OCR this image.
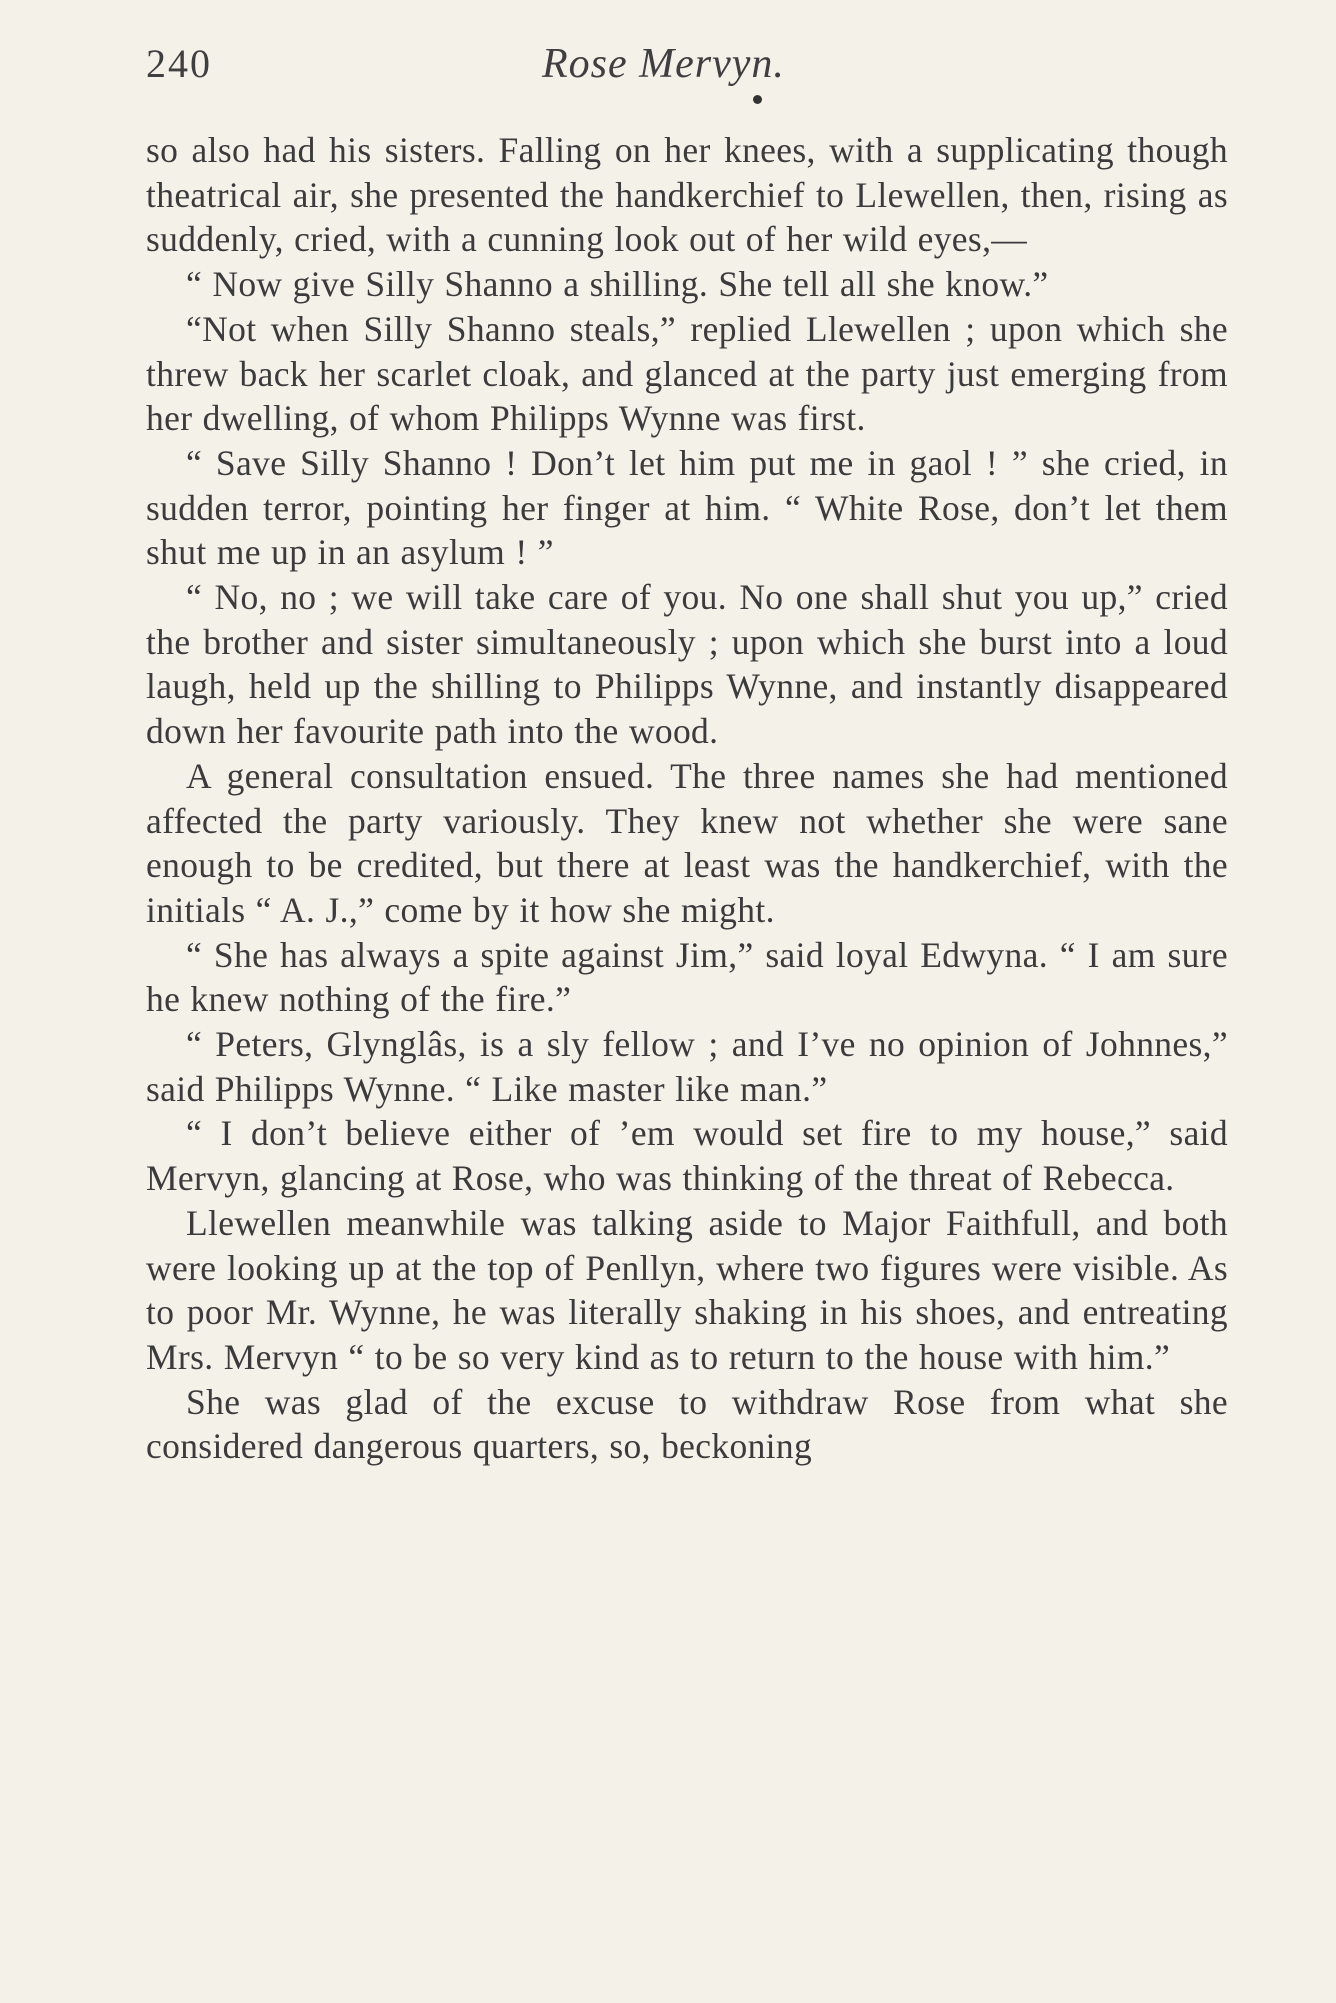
240	Rose Mervyn.

so also had his sisters. Falling on her knees, with a supplicating though theatrical air, she presented the handkerchief to Llewellen, then, rising as suddenly, cried, with a cunning look out of her wild eyes,—

“ Now give Silly Shanno a shilling. She tell all she know.”

“Not when Silly Shanno steals,” replied Llewellen ; upon which she threw back her scarlet cloak, and glanced at the party just emerging from her dwelling, of whom Philipps Wynne was first.

“ Save Silly Shanno ! Don’t let him put me in gaol ! ” she cried, in sudden terror, pointing her finger at him. “ White Rose, don’t let them shut me up in an asylum ! ”

“ No, no ; we will take care of you. No one shall shut you up,” cried the brother and sister simultaneously ; upon which she burst into a loud laugh, held up the shilling to Philipps Wynne, and instantly disappeared down her favourite path into the wood.

A general consultation ensued. The three names she had mentioned affected the party variously. They knew not whether she were sane enough to be credited, but there at least was the handkerchief, with the initials “ A. J.,” come by it how she might.

“ She has always a spite against Jim,” said loyal Edwyna. “ I am sure he knew nothing of the fire.”

“ Peters, Glynglâs, is a sly fellow ; and I’ve no opinion of Johnnes,” said Philipps Wynne. “ Like master like man.”

“ I don’t believe either of ’em would set fire to my house,” said Mervyn, glancing at Rose, who was thinking of the threat of Rebecca.

Llewellen meanwhile was talking aside to Major Faithfull, and both were looking up at the top of Penllyn, where two figures were visible. As to poor Mr. Wynne, he was literally shaking in his shoes, and entreating Mrs. Mervyn “ to be so very kind as to return to the house with him.”

She was glad of the excuse to withdraw Rose from what she considered dangerous quarters, so, beckoning
